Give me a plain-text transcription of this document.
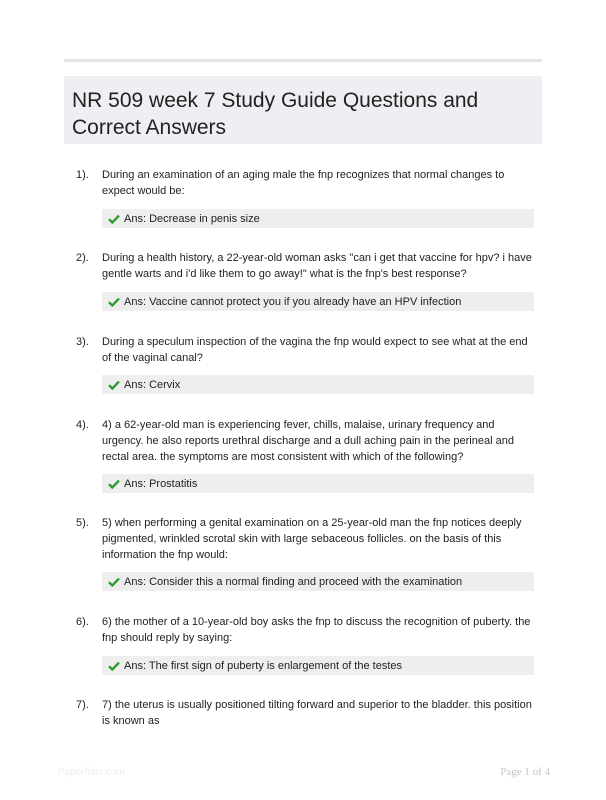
NR 509 week 7 Study Guide Questions and Correct Answers
1). During an examination of an aging male the fnp recognizes that normal changes to expect would be:
Ans: Decrease in penis size
2). During a health history, a 22-year-old woman asks "can i get that vaccine for hpv? i have gentle warts and i'd like them to go away!" what is the fnp's best response?
Ans: Vaccine cannot protect you if you already have an HPV infection
3). During a speculum inspection of the vagina the fnp would expect to see what at the end of the vaginal canal?
Ans: Cervix
4). 4) a 62-year-old man is experiencing fever, chills, malaise, urinary frequency and urgency. he also reports urethral discharge and a dull aching pain in the perineal and rectal area. the symptoms are most consistent with which of the following?
Ans: Prostatitis
5). 5) when performing a genital examination on a 25-year-old man the fnp notices deeply pigmented, wrinkled scrotal skin with large sebaceous follicles. on the basis of this information the fnp would:
Ans: Consider this a normal finding and proceed with the examination
6). 6) the mother of a 10-year-old boy asks the fnp to discuss the recognition of puberty. the fnp should reply by saying:
Ans: The first sign of puberty is enlargement of the testes
7). 7) the uterus is usually positioned tilting forward and superior to the bladder. this position is known as
Paperfolio.com	Page 1 of 4
